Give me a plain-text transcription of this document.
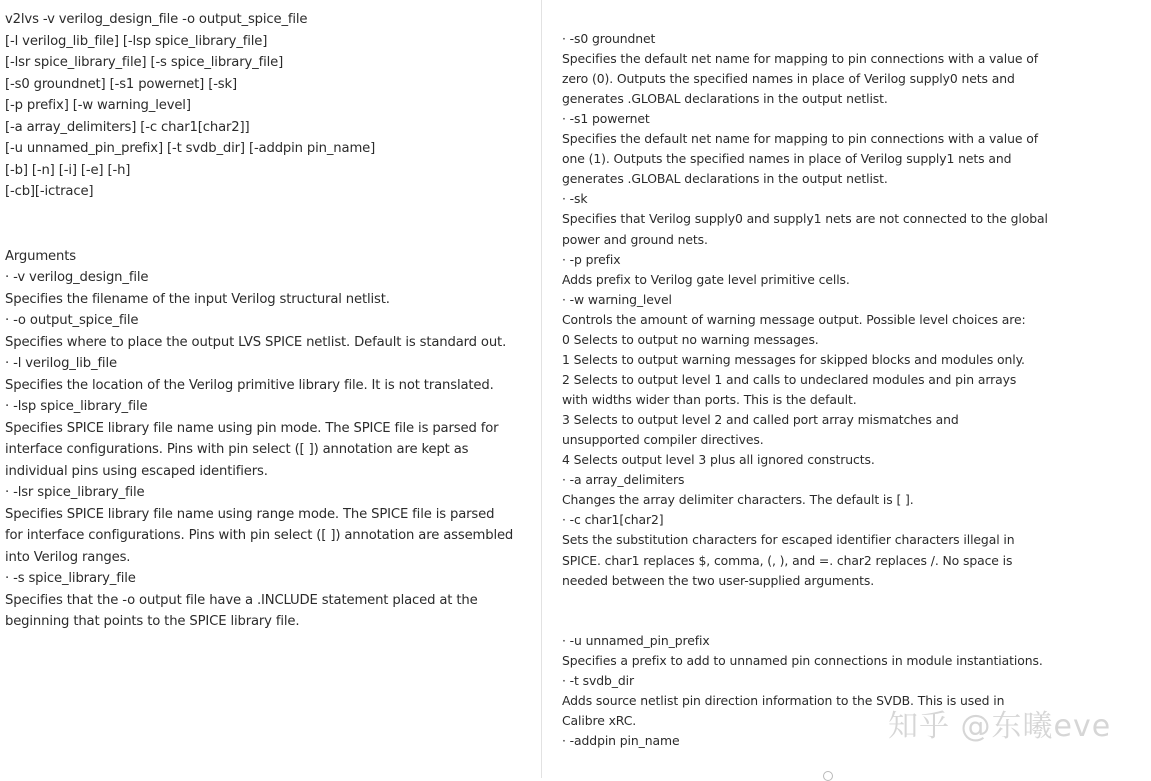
v2lvs -v verilog_design_file -o output_spice_file
[-l verilog_lib_file] [-lsp spice_library_file]
[-lsr spice_library_file] [-s spice_library_file]
[-s0 groundnet] [-s1 powernet] [-sk]
[-p prefix] [-w warning_level]
[-a array_delimiters] [-c char1[char2]]
[-u unnamed_pin_prefix] [-t svdb_dir] [-addpin pin_name]
[-b] [-n] [-i] [-e] [-h]
[-cb][-ictrace]
Arguments
· -v verilog_design_file
Specifies the filename of the input Verilog structural netlist.
· -o output_spice_file
Specifies where to place the output LVS SPICE netlist. Default is standard out.
· -l verilog_lib_file
Specifies the location of the Verilog primitive library file. It is not translated.
· -lsp spice_library_file
Specifies SPICE library file name using pin mode. The SPICE file is parsed for
interface configurations. Pins with pin select ([ ]) annotation are kept as
individual pins using escaped identifiers.
· -lsr spice_library_file
Specifies SPICE library file name using range mode. The SPICE file is parsed
for interface configurations. Pins with pin select ([ ]) annotation are assembled
into Verilog ranges.
· -s spice_library_file
Specifies that the -o output file have a .INCLUDE statement placed at the
beginning that points to the SPICE library file.
· -s0 groundnet
Specifies the default net name for mapping to pin connections with a value of
zero (0). Outputs the specified names in place of Verilog supply0 nets and
generates .GLOBAL declarations in the output netlist.
· -s1 powernet
Specifies the default net name for mapping to pin connections with a value of
one (1). Outputs the specified names in place of Verilog supply1 nets and
generates .GLOBAL declarations in the output netlist.
· -sk
Specifies that Verilog supply0 and supply1 nets are not connected to the global
power and ground nets.
· -p prefix
Adds prefix to Verilog gate level primitive cells.
· -w warning_level
Controls the amount of warning message output. Possible level choices are:
0 Selects to output no warning messages.
1 Selects to output warning messages for skipped blocks and modules only.
2 Selects to output level 1 and calls to undeclared modules and pin arrays
with widths wider than ports. This is the default.
3 Selects to output level 2 and called port array mismatches and
unsupported compiler directives.
4 Selects output level 3 plus all ignored constructs.
· -a array_delimiters
Changes the array delimiter characters. The default is [ ].
· -c char1[char2]
Sets the substitution characters for escaped identifier characters illegal in
SPICE. char1 replaces $, comma, (, ), and =. char2 replaces /. No space is
needed between the two user-supplied arguments.
· -u unnamed_pin_prefix
Specifies a prefix to add to unnamed pin connections in module instantiations.
· -t svdb_dir
Adds source netlist pin direction information to the SVDB. This is used in
Calibre xRC.
· -addpin pin_name	知乎 @东曦eve
